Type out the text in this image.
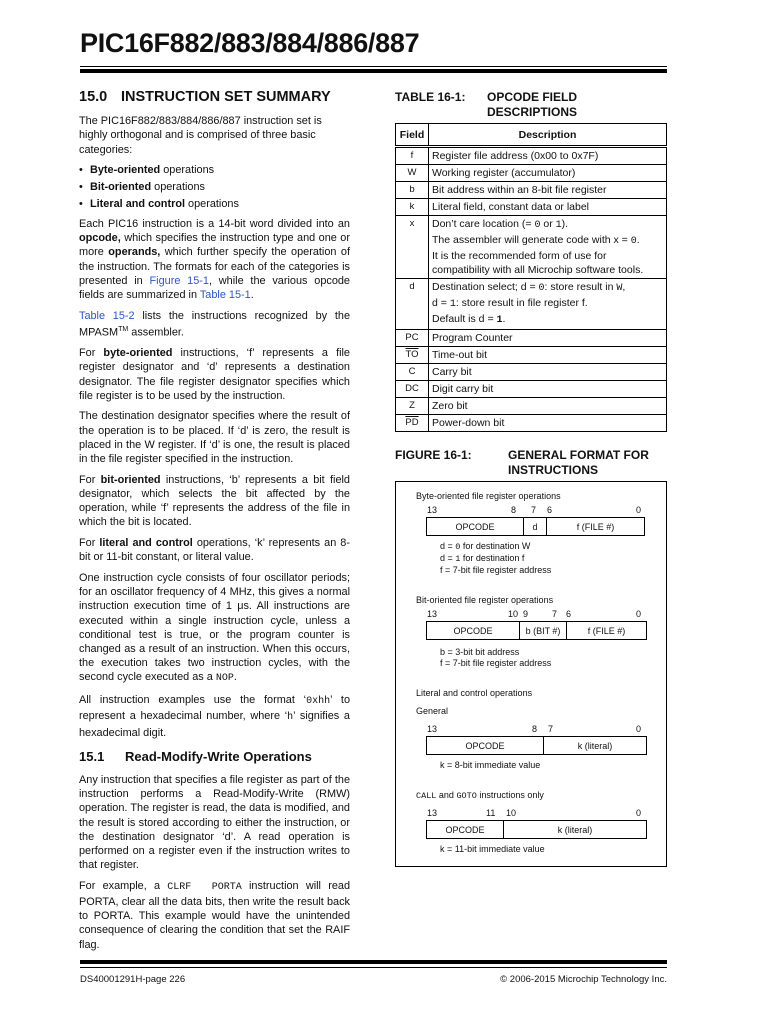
PIC16F882/883/884/886/887
15.0 INSTRUCTION SET SUMMARY

The PIC16F882/883/884/886/887 instruction set is highly orthogonal and is comprised of three basic categories:

• Byte-oriented operations
• Bit-oriented operations
• Literal and control operations

Each PIC16 instruction is a 14-bit word divided into an opcode, which specifies the instruction type and one or more operands, which further specify the operation of the instruction. The formats for each of the categories is presented in Figure 15-1, while the various opcode fields are summarized in Table 15-1.

Table 15-2 lists the instructions recognized by the MPASM™ assembler.

For byte-oriented instructions, ‘f’ represents a file register designator and ‘d’ represents a destination designator. The file register designator specifies which file register is to be used by the instruction.

The destination designator specifies where the result of the operation is to be placed. If ‘d’ is zero, the result is placed in the W register. If ‘d’ is one, the result is placed in the file register specified in the instruction.

For bit-oriented instructions, ‘b’ represents a bit field designator, which selects the bit affected by the operation, while ‘f’ represents the address of the file in which the bit is located.

For literal and control operations, ‘k’ represents an 8-bit or 11-bit constant, or literal value.

One instruction cycle consists of four oscillator periods; for an oscillator frequency of 4 MHz, this gives a normal instruction execution time of 1 μs. All instructions are executed within a single instruction cycle, unless a conditional test is true, or the program counter is changed as a result of an instruction. When this occurs, the execution takes two instruction cycles, with the second cycle executed as a NOP.

All instruction examples use the format ‘0xhh’ to represent a hexadecimal number, where ‘h’ signifies a hexadecimal digit.

15.1 Read-Modify-Write Operations

Any instruction that specifies a file register as part of the instruction performs a Read-Modify-Write (RMW) operation. The register is read, the data is modified, and the result is stored according to either the instruction, or the destination designator ‘d’. A read operation is performed on a register even if the instruction writes to that register.

For example, a CLRF  PORTA instruction will read PORTA, clear all the data bits, then write the result back to PORTA. This example would have the unintended consequence of clearing the condition that set the RAIF flag.

TABLE 16-1: OPCODE FIELD DESCRIPTIONS
Field	Description
f	Register file address (0x00 to 0x7F)
W	Working register (accumulator)
b	Bit address within an 8-bit file register
k	Literal field, constant data or label
x	Don’t care location (= 0 or 1).
The assembler will generate code with x = 0.
It is the recommended form of use for compatibility with all Microchip software tools.
d	Destination select; d = 0: store result in W,
d = 1: store result in file register f.
Default is d = 1.
PC	Program Counter
$\overline{TO}$	Time-out bit
C	Carry bit
DC	Digit carry bit
Z	Zero bit
$\overline{PD}$	Power-down bit
FIGURE 16-1:	GENERAL FORMAT FOR INSTRUCTIONS
Byte-oriented file register operations
13	8 7 6	0
OPCODE	d	f (FILE #)
d = 0 for destination W
d = 1 for destination f
f = 7-bit file register address
Bit-oriented file register operations
13	10 9	7 6	0
OPCODE	b (BIT #)	f (FILE #)
b = 3-bit bit address
f = 7-bit file register address
Literal and control operations
General
13	8 7	0
OPCODE	k (literal)
k = 8-bit immediate value
CALL and GOTO instructions only
13	11 10	0
OPCODE	k (literal)
k = 11-bit immediate value
DS40001291H-page 226	© 2006-2015 Microchip Technology Inc.
